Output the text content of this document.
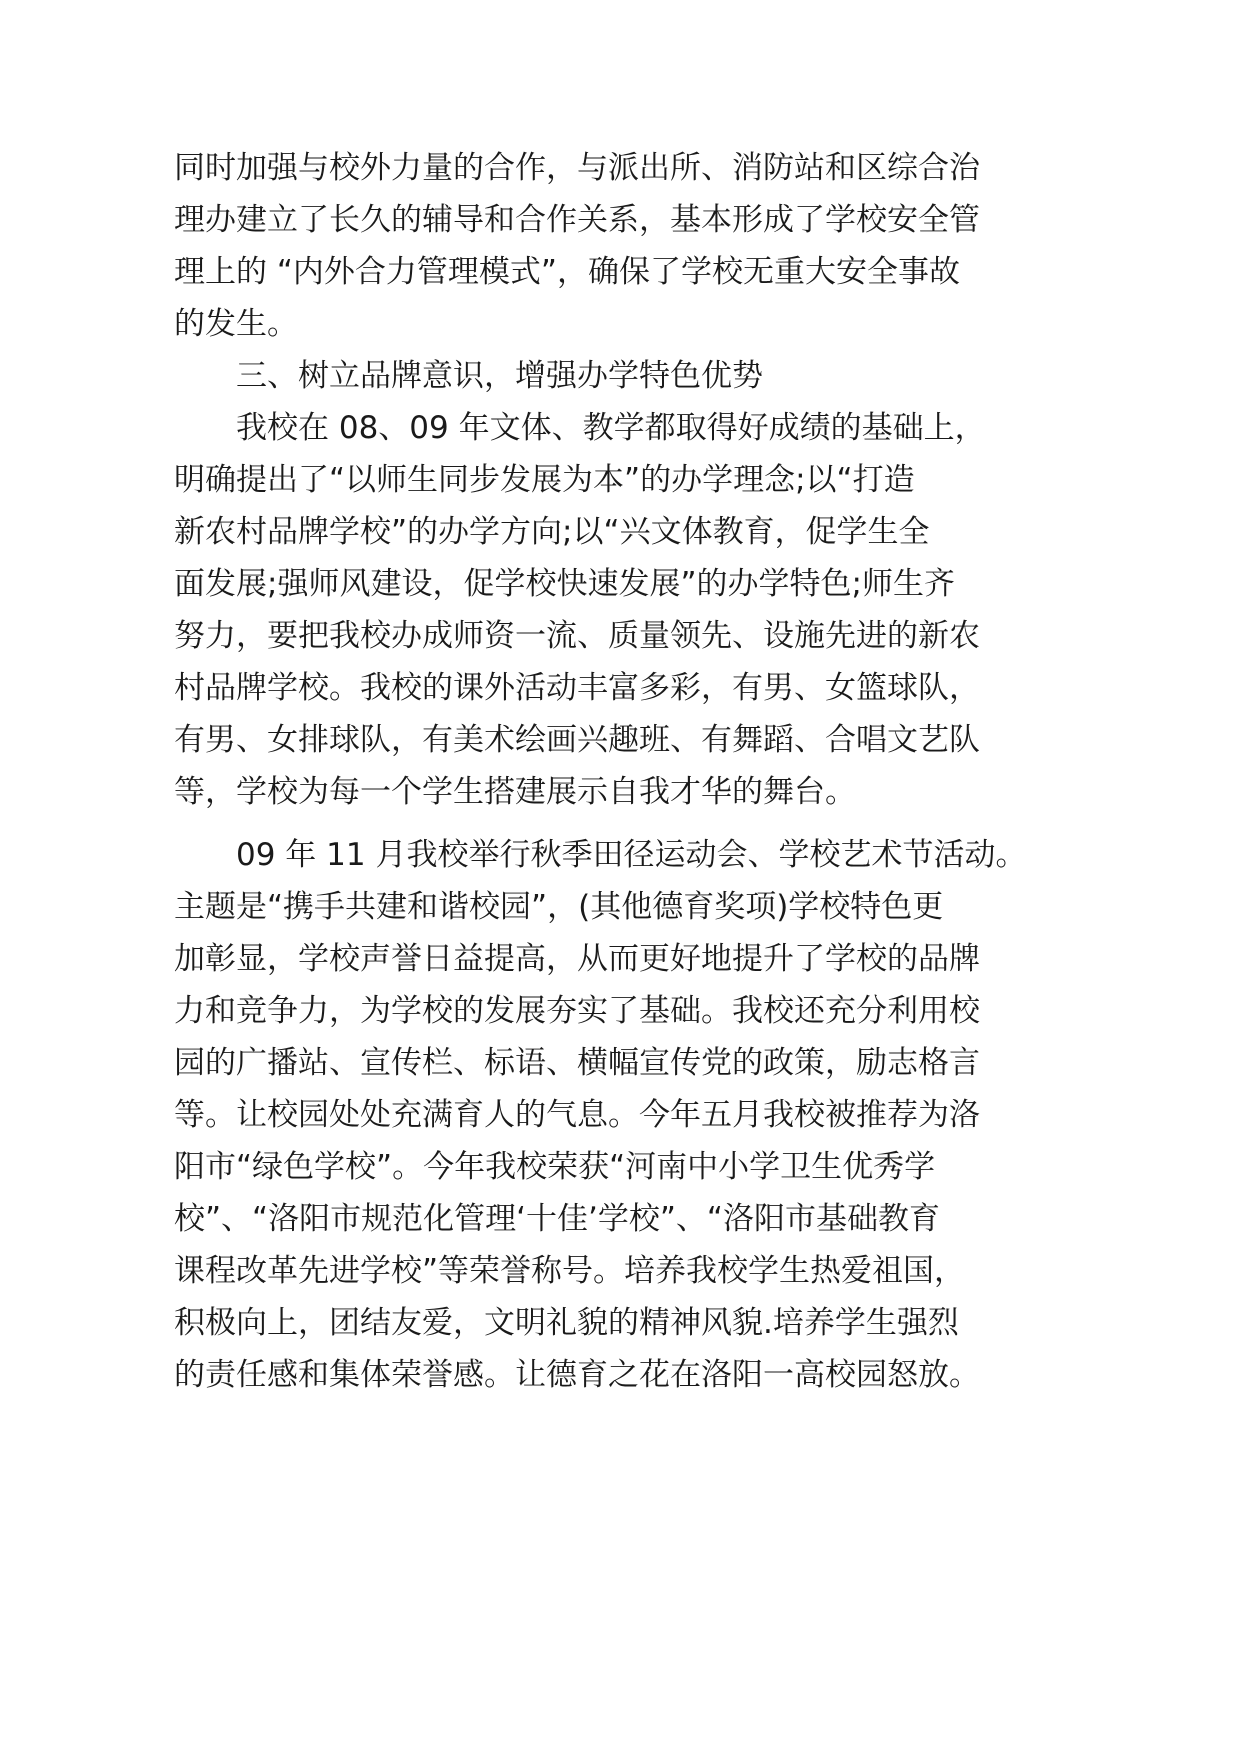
同时加强与校外力量的合作，与派出所、消防站和区综合治
理办建立了长久的辅导和合作关系，基本形成了学校安全管
理上的 “内外合力管理模式”，确保了学校无重大安全事故
的发生。
三、树立品牌意识，增强办学特色优势
我校在 08、09 年文体、教学都取得好成绩的基础上，
明确提出了“以师生同步发展为本”的办学理念;以“打造
新农村品牌学校”的办学方向;以“兴文体教育，促学生全
面发展;强师风建设，促学校快速发展”的办学特色;师生齐
努力，要把我校办成师资一流、质量领先、设施先进的新农
村品牌学校。我校的课外活动丰富多彩，有男、女篮球队，
有男、女排球队，有美术绘画兴趣班、有舞蹈、合唱文艺队
等，学校为每一个学生搭建展示自我才华的舞台。
09 年 11 月我校举行秋季田径运动会、学校艺术节活动。
主题是“携手共建和谐校园”，(其他德育奖项)学校特色更
加彰显，学校声誉日益提高，从而更好地提升了学校的品牌
力和竞争力，为学校的发展夯实了基础。我校还充分利用校
园的广播站、宣传栏、标语、横幅宣传党的政策，励志格言
等。让校园处处充满育人的气息。今年五月我校被推荐为洛
阳市“绿色学校”。今年我校荣获“河南中小学卫生优秀学
校”、“洛阳市规范化管理‘十佳’学校”、“洛阳市基础教育
课程改革先进学校”等荣誉称号。培养我校学生热爱祖国，
积极向上，团结友爱，文明礼貌的精神风貌.培养学生强烈
的责任感和集体荣誉感。让德育之花在洛阳一高校园怒放。
